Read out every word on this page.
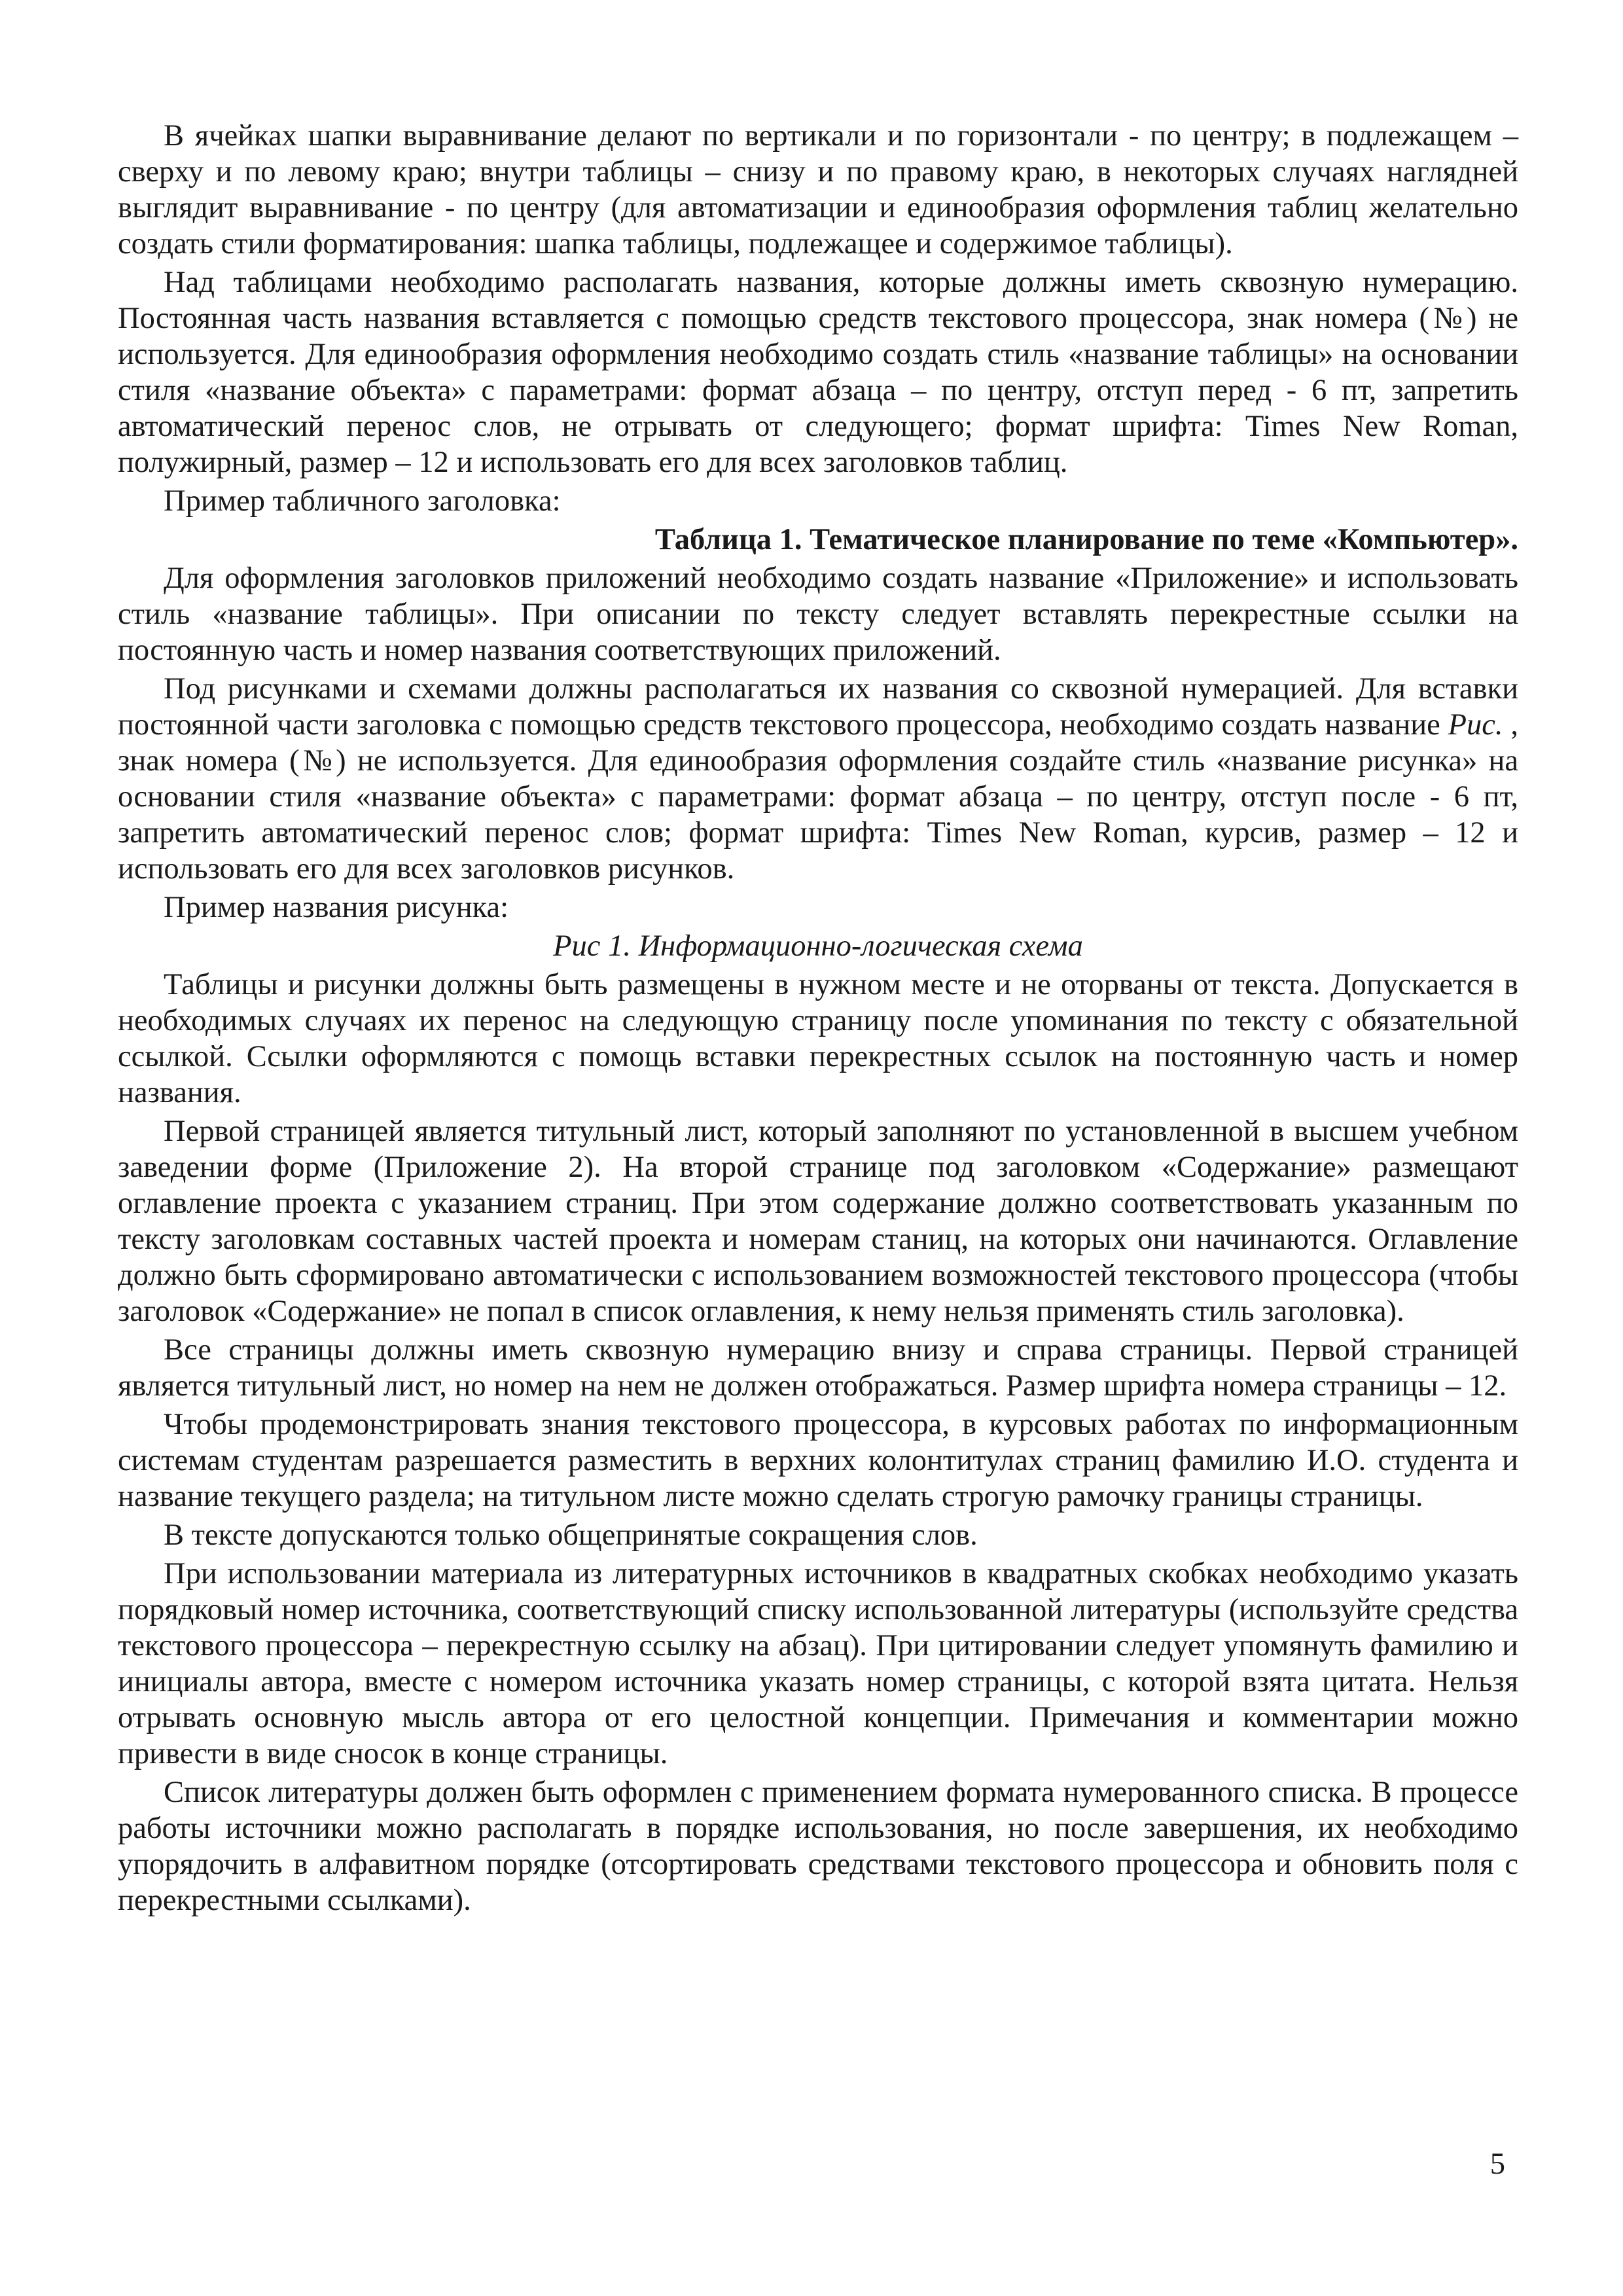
В ячейках шапки выравнивание делают по вертикали и по горизонтали - по центру; в подлежащем – сверху и по левому краю; внутри таблицы – снизу и по правому краю, в некоторых случаях наглядней выглядит выравнивание - по центру (для автоматизации и единообразия оформления таблиц желательно создать стили форматирования: шапка таблицы, подлежащее и содержимое таблицы).

Над таблицами необходимо располагать названия, которые должны иметь сквозную нумерацию. Постоянная часть названия вставляется с помощью средств текстового процессора, знак номера (№) не используется. Для единообразия оформления необходимо создать стиль «название таблицы» на основании стиля «название объекта» с параметрами: формат абзаца – по центру, отступ перед - 6 пт, запретить автоматический перенос слов, не отрывать от следующего; формат шрифта: Times New Roman, полужирный, размер – 12 и использовать его для всех заголовков таблиц.

Пример табличного заголовка:

Таблица 1. Тематическое планирование по теме «Компьютер».

Для оформления заголовков приложений необходимо создать название «Приложение» и использовать стиль «название таблицы». При описании по тексту следует вставлять перекрестные ссылки на постоянную часть и номер названия соответствующих приложений.

Под рисунками и схемами должны располагаться их названия со сквозной нумерацией. Для вставки постоянной части заголовка с помощью средств текстового процессора, необходимо создать название Рис. , знак номера (№) не используется. Для единообразия оформления создайте стиль «название рисунка» на основании стиля «название объекта» с параметрами: формат абзаца – по центру, отступ после - 6 пт, запретить автоматический перенос слов; формат шрифта: Times New Roman, курсив, размер – 12 и использовать его для всех заголовков рисунков.

Пример названия рисунка:

Рис 1. Информационно-логическая схема

Таблицы и рисунки должны быть размещены в нужном месте и не оторваны от текста. Допускается в необходимых случаях их перенос на следующую страницу после упоминания по тексту с обязательной ссылкой. Ссылки оформляются с помощь вставки перекрестных ссылок на постоянную часть и номер названия.

Первой страницей является титульный лист, который заполняют по установленной в высшем учебном заведении форме (Приложение 2). На второй странице под заголовком «Содержание» размещают оглавление проекта с указанием страниц. При этом содержание должно соответствовать указанным по тексту заголовкам составных частей проекта и номерам станиц, на которых они начинаются. Оглавление должно быть сформировано автоматически с использованием возможностей текстового процессора (чтобы заголовок «Содержание» не попал в список оглавления, к нему нельзя применять стиль заголовка).

Все страницы должны иметь сквозную нумерацию внизу и справа страницы. Первой страницей является титульный лист, но номер на нем не должен отображаться. Размер шрифта номера страницы – 12.

Чтобы продемонстрировать знания текстового процессора, в курсовых работах по информационным системам студентам разрешается разместить в верхних колонтитулах страниц фамилию И.О. студента и название текущего раздела; на титульном листе можно сделать строгую рамочку границы страницы.

В тексте допускаются только общепринятые сокращения слов.

При использовании материала из литературных источников в квадратных скобках необходимо указать порядковый номер источника, соответствующий списку использованной литературы (используйте средства текстового процессора – перекрестную ссылку на абзац). При цитировании следует упомянуть фамилию и инициалы автора, вместе с номером источника указать номер страницы, с которой взята цитата. Нельзя отрывать основную мысль автора от его целостной концепции. Примечания и комментарии можно привести в виде сносок в конце страницы.

Список литературы должен быть оформлен с применением формата нумерованного списка. В процессе работы источники можно располагать в порядке использования, но после завершения, их необходимо упорядочить в алфавитном порядке (отсортировать средствами текстового процессора и обновить поля с перекрестными ссылками).

5
